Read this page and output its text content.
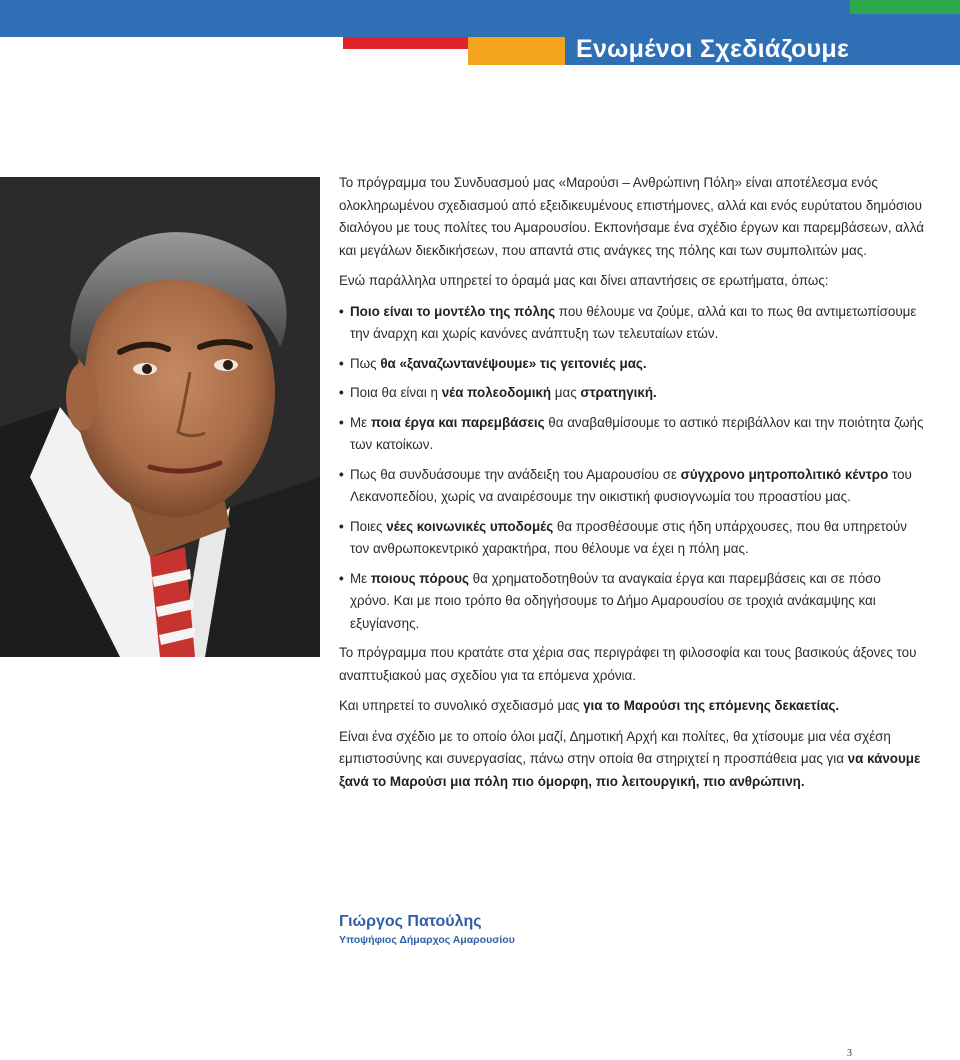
Ενωμένοι Σχεδιάζουμε

Το πρόγραμμα του Συνδυασμού μας «Μαρούσι – Ανθρώπινη Πόλη» είναι αποτέλεσμα ενός ολοκληρωμένου σχεδιασμού από εξειδικευμένους επιστήμονες, αλλά και ενός ευρύτατου δημόσιου διαλόγου με τους πολίτες του Αμαρουσίου. Εκπονήσαμε ένα σχέδιο έργων και παρεμβάσεων, αλλά και μεγάλων διεκδικήσεων, που απαντά στις ανάγκες της πόλης και των συμπολιτών μας.

Ενώ παράλληλα υπηρετεί το όραμά μας και δίνει απαντήσεις σε ερωτήματα, όπως:

• Ποιο είναι το μοντέλο της πόλης που θέλουμε να ζούμε, αλλά και το πως θα αντιμετωπίσουμε την άναρχη και χωρίς κανόνες ανάπτυξη των τελευταίων ετών.
• Πως θα «ξαναζωντανέψουμε» τις γειτονιές μας.
• Ποια θα είναι η νέα πολεοδομική μας στρατηγική.
• Με ποια έργα και παρεμβάσεις θα αναβαθμίσουμε το αστικό περιβάλλον και την ποιότητα ζωής των κατοίκων.
• Πως θα συνδυάσουμε την ανάδειξη του Αμαρουσίου σε σύγχρονο μητροπολιτικό κέντρο του Λεκανοπεδίου, χωρίς να αναιρέσουμε την οικιστική φυσιογνωμία του προαστίου μας.
• Ποιες νέες κοινωνικές υποδομές θα προσθέσουμε στις ήδη υπάρχουσες, που θα υπηρετούν τον ανθρωποκεντρικό χαρακτήρα, που θέλουμε να έχει η πόλη μας.
• Με ποιους πόρους θα χρηματοδοτηθούν τα αναγκαία έργα και παρεμβάσεις και σε πόσο χρόνο. Και με ποιο τρόπο θα οδηγήσουμε το Δήμο Αμαρουσίου σε τροχιά ανάκαμψης και εξυγίανσης.

Το πρόγραμμα που κρατάτε στα χέρια σας περιγράφει τη φιλοσοφία και τους βασικούς άξονες του αναπτυξιακού μας σχεδίου για τα επόμενα χρόνια.

Και υπηρετεί το συνολικό σχεδιασμό μας για το Μαρούσι της επόμενης δεκαετίας.

Είναι ένα σχέδιο με το οποίο όλοι μαζί, Δημοτική Αρχή και πολίτες, θα χτίσουμε μια νέα σχέση εμπιστοσύνης και συνεργασίας, πάνω στην οποία θα στηριχτεί η προσπάθεια μας για να κάνουμε ξανά το Μαρούσι μια πόλη πιο όμορφη, πιο λειτουργική, πιο ανθρώπινη.

Γιώργος Πατούλης
Υποψήφιος Δήμαρχος Αμαρουσίου
3
